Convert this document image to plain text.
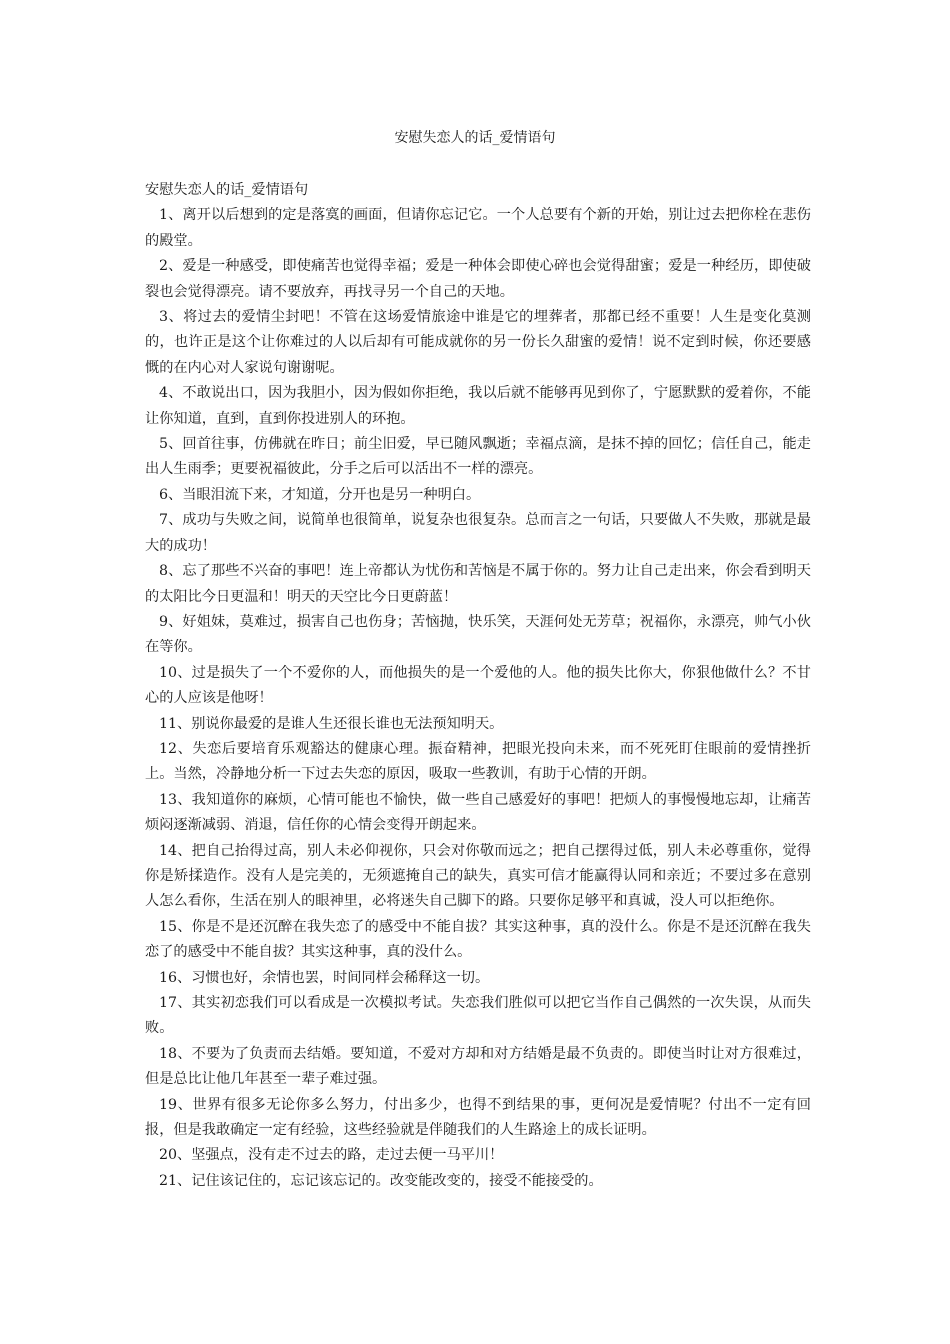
安慰失恋人的话_爱情语句

安慰失恋人的话_爱情语句

1、离开以后想到的定是落寞的画面，但请你忘记它。一个人总要有个新的开始，别让过去把你栓在悲伤的殿堂。
2、爱是一种感受，即使痛苦也觉得幸福；爱是一种体会即使心碎也会觉得甜蜜；爱是一种经历，即使破裂也会觉得漂亮。请不要放弃，再找寻另一个自己的天地。
3、将过去的爱情尘封吧！不管在这场爱情旅途中谁是它的埋葬者，那都已经不重要！人生是变化莫测的，也许正是这个让你难过的人以后却有可能成就你的另一份长久甜蜜的爱情！说不定到时候，你还要感慨的在内心对人家说句谢谢呢。
4、不敢说出口，因为我胆小，因为假如你拒绝，我以后就不能够再见到你了，宁愿默默的爱着你，不能让你知道，直到，直到你投进别人的环抱。
5、回首往事，仿佛就在昨日；前尘旧爱，早已随风飘逝；幸福点滴，是抹不掉的回忆；信任自己，能走出人生雨季；更要祝福彼此，分手之后可以活出不一样的漂亮。
6、当眼泪流下来，才知道，分开也是另一种明白。
7、成功与失败之间，说简单也很简单，说复杂也很复杂。总而言之一句话，只要做人不失败，那就是最大的成功！
8、忘了那些不兴奋的事吧！连上帝都认为忧伤和苦恼是不属于你的。努力让自己走出来，你会看到明天的太阳比今日更温和！明天的天空比今日更蔚蓝！
9、好姐妹，莫难过，损害自己也伤身；苦恼抛，快乐笑，天涯何处无芳草；祝福你，永漂亮，帅气小伙在等你。
10、过是损失了一个不爱你的人，而他损失的是一个爱他的人。他的损失比你大，你狠他做什么？不甘心的人应该是他呀！
11、别说你最爱的是谁人生还很长谁也无法预知明天。
12、失恋后要培育乐观豁达的健康心理。振奋精神，把眼光投向未来，而不死死盯住眼前的爱情挫折上。当然，冷静地分析一下过去失恋的原因，吸取一些教训，有助于心情的开朗。
13、我知道你的麻烦，心情可能也不愉快，做一些自己感爱好的事吧！把烦人的事慢慢地忘却，让痛苦烦闷逐渐减弱、消退，信任你的心情会变得开朗起来。
14、把自己抬得过高，别人未必仰视你，只会对你敬而远之；把自己摆得过低，别人未必尊重你，觉得你是矫揉造作。没有人是完美的，无须遮掩自己的缺失，真实可信才能赢得认同和亲近；不要过多在意别人怎么看你，生活在别人的眼神里，必将迷失自己脚下的路。只要你足够平和真诚，没人可以拒绝你。
15、你是不是还沉醉在我失恋了的感受中不能自拔？其实这种事，真的没什么。你是不是还沉醉在我失恋了的感受中不能自拔？其实这种事，真的没什么。
16、习惯也好，余情也罢，时间同样会稀释这一切。
17、其实初恋我们可以看成是一次模拟考试。失恋我们胜似可以把它当作自己偶然的一次失误，从而失败。
18、不要为了负责而去结婚。要知道，不爱对方却和对方结婚是最不负责的。即使当时让对方很难过，但是总比让他几年甚至一辈子难过强。
19、世界有很多无论你多么努力，付出多少，也得不到结果的事，更何况是爱情呢？付出不一定有回报，但是我敢确定一定有经验，这些经验就是伴随我们的人生路途上的成长证明。
20、坚强点，没有走不过去的路，走过去便一马平川！
21、记住该记住的，忘记该忘记的。改变能改变的，接受不能接受的。
